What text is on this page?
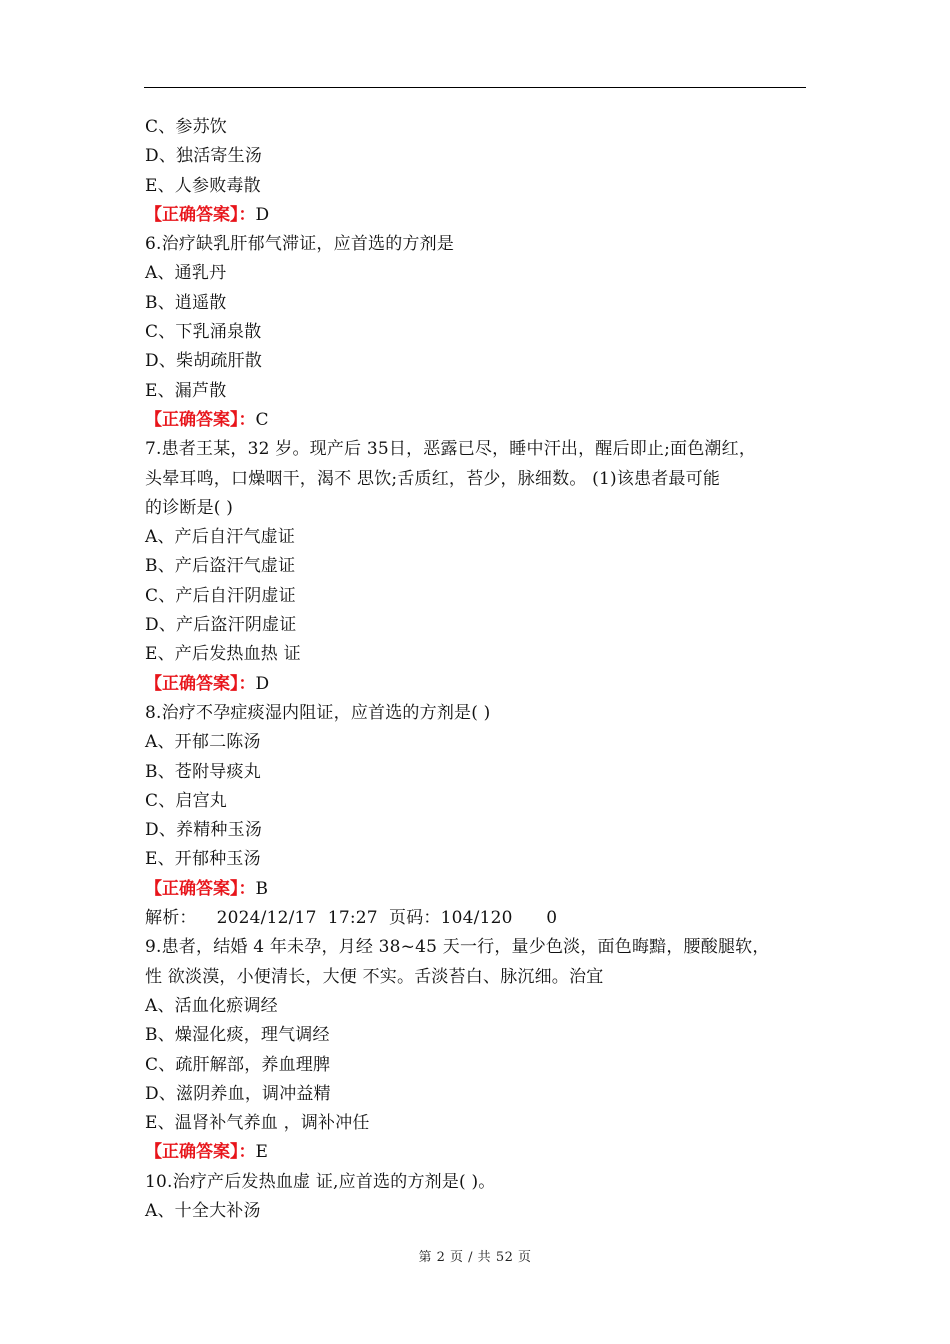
C、参苏饮
D、独活寄生汤
E、人参败毒散
【正确答案】：D
6.治疗缺乳肝郁气滞证，应首选的方剂是
A、通乳丹
B、逍遥散
C、下乳涌泉散
D、柴胡疏肝散
E、漏芦散
【正确答案】：C
7.患者王某，32 岁。现产后 35日，恶露已尽，睡中汗出，醒后即止;面色潮红，
头晕耳鸣，口燥咽干，渴不 思饮;舌质红，苔少，脉细数。 (1)该患者最可能
的诊断是( )
A、产后自汗气虚证
B、产后盗汗气虚证
C、产后自汗阴虚证
D、产后盗汗阴虚证
E、产后发热血热 证
【正确答案】：D
8.治疗不孕症痰湿内阻证，应首选的方剂是( )
A、开郁二陈汤
B、苍附导痰丸
C、启宫丸
D、养精种玉汤
E、开郁种玉汤
【正确答案】：B
解析： 2024/12/17  17:27  页码：104/120      0
9.患者，结婚 4 年未孕，月经 38~45 天一行，量少色淡，面色晦黯，腰酸腿软，
性 欲淡漠，小便清长，大便 不实。舌淡苔白、脉沉细。治宜
A、活血化瘀调经
B、燥湿化痰，理气调经
C、疏肝解部，养血理脾
D、滋阴养血，调冲益精
E、温肾补气养血 ，调补冲任
【正确答案】：E
10.治疗产后发热血虚 证,应首选的方剂是( )。
A、十全大补汤
第 2 页 / 共 52 页
